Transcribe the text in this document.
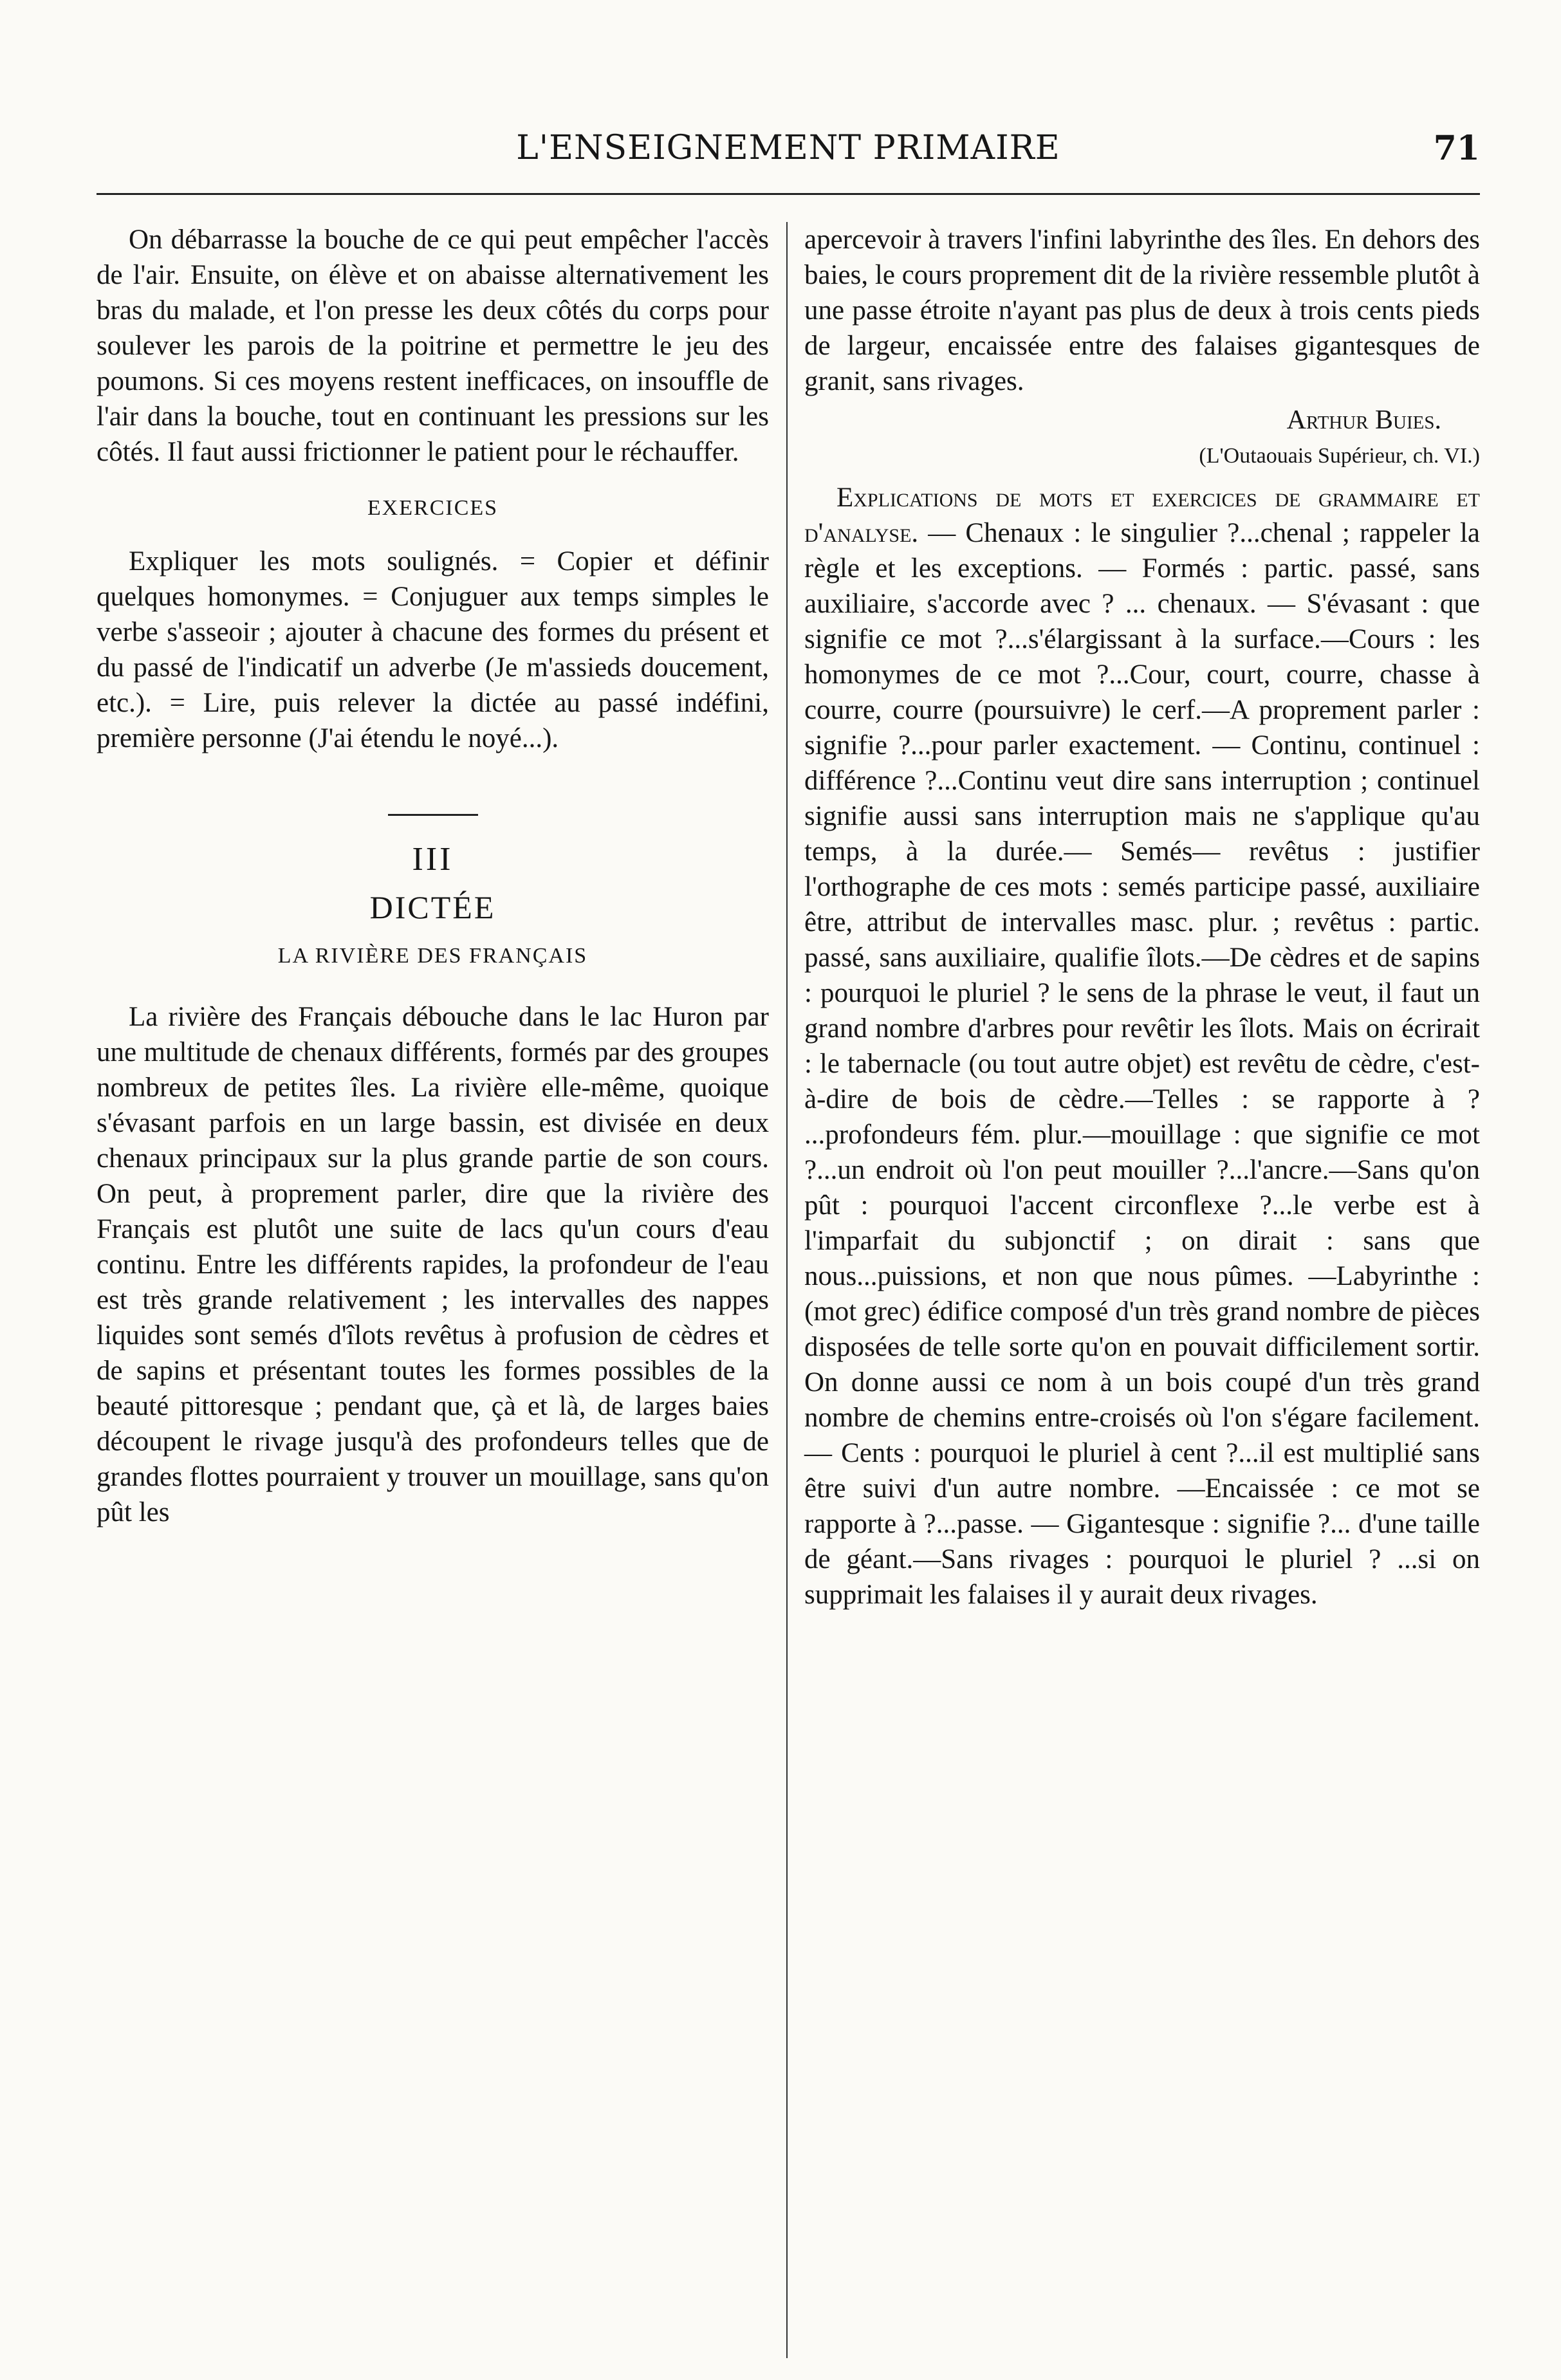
L'ENSEIGNEMENT PRIMAIRE	71

On débarrasse la bouche de ce qui peut empêcher l'accès de l'air. Ensuite, on élève et on abaisse alternativement les bras du malade, et l'on presse les deux côtés du corps pour soulever les parois de la poitrine et permettre le jeu des poumons. Si ces moyens restent inefficaces, on insouffle de l'air dans la bouche, tout en continuant les pressions sur les côtés. Il faut aussi frictionner le patient pour le réchauffer.

EXERCICES

Expliquer les mots soulignés. = Copier et définir quelques homonymes. = Conjuguer aux temps simples le verbe s'asseoir ; ajouter à chacune des formes du présent et du passé de l'indicatif un adverbe (Je m'assieds doucement, etc.). = Lire, puis relever la dictée au passé indéfini, première personne (J'ai étendu le noyé...).

III
DICTÉE
LA RIVIÈRE DES FRANÇAIS

La rivière des Français débouche dans le lac Huron par une multitude de chenaux différents, formés par des groupes nombreux de petites îles. La rivière elle-même, quoique s'évasant parfois en un large bassin, est divisée en deux chenaux principaux sur la plus grande partie de son cours. On peut, à proprement parler, dire que la rivière des Français est plutôt une suite de lacs qu'un cours d'eau continu. Entre les différents rapides, la profondeur de l'eau est très grande relativement ; les intervalles des nappes liquides sont semés d'îlots revêtus à profusion de cèdres et de sapins et présentant toutes les formes possibles de la beauté pittoresque ; pendant que, çà et là, de larges baies découpent le rivage jusqu'à des profondeurs telles que de grandes flottes pourraient y trouver un mouillage, sans qu'on pût les

apercevoir à travers l'infini labyrinthe des îles. En dehors des baies, le cours proprement dit de la rivière ressemble plutôt à une passe étroite n'ayant pas plus de deux à trois cents pieds de largeur, encaissée entre des falaises gigantesques de granit, sans rivages.

Arthur Buies.
(L'Outaouais Supérieur, ch. VI.)

Explications de mots et exercices de grammaire et d'analyse. — Chenaux : le singulier ?...chenal ; rappeler la règle et les exceptions. — Formés : partic. passé, sans auxiliaire, s'accorde avec ? ... chenaux. — S'évasant : que signifie ce mot ?...s'élargissant à la surface.—Cours : les homonymes de ce mot ?...Cour, court, courre, chasse à courre, courre (poursuivre) le cerf.—A proprement parler : signifie ?...pour parler exactement. — Continu, continuel : différence ?...Continu veut dire sans interruption ; continuel signifie aussi sans interruption mais ne s'applique qu'au temps, à la durée.— Semés— revêtus : justifier l'orthographe de ces mots : semés participe passé, auxiliaire être, attribut de intervalles masc. plur. ; revêtus : partic. passé, sans auxiliaire, qualifie îlots.—De cèdres et de sapins : pourquoi le pluriel ? le sens de la phrase le veut, il faut un grand nombre d'arbres pour revêtir les îlots. Mais on écrirait : le tabernacle (ou tout autre objet) est revêtu de cèdre, c'est-à-dire de bois de cèdre.—Telles : se rapporte à ? ...profondeurs fém. plur.—mouillage : que signifie ce mot ?...un endroit où l'on peut mouiller ?...l'ancre.—Sans qu'on pût : pourquoi l'accent circonflexe ?...le verbe est à l'imparfait du subjonctif ; on dirait : sans que nous...puissions, et non que nous pûmes. —Labyrinthe : (mot grec) édifice composé d'un très grand nombre de pièces disposées de telle sorte qu'on en pouvait difficilement sortir. On donne aussi ce nom à un bois coupé d'un très grand nombre de chemins entre-croisés où l'on s'égare facilement.— Cents : pourquoi le pluriel à cent ?...il est multiplié sans être suivi d'un autre nombre. —Encaissée : ce mot se rapporte à ?...passe. — Gigantesque : signifie ?... d'une taille de géant.—Sans rivages : pourquoi le pluriel ? ...si on supprimait les falaises il y aurait deux rivages.
